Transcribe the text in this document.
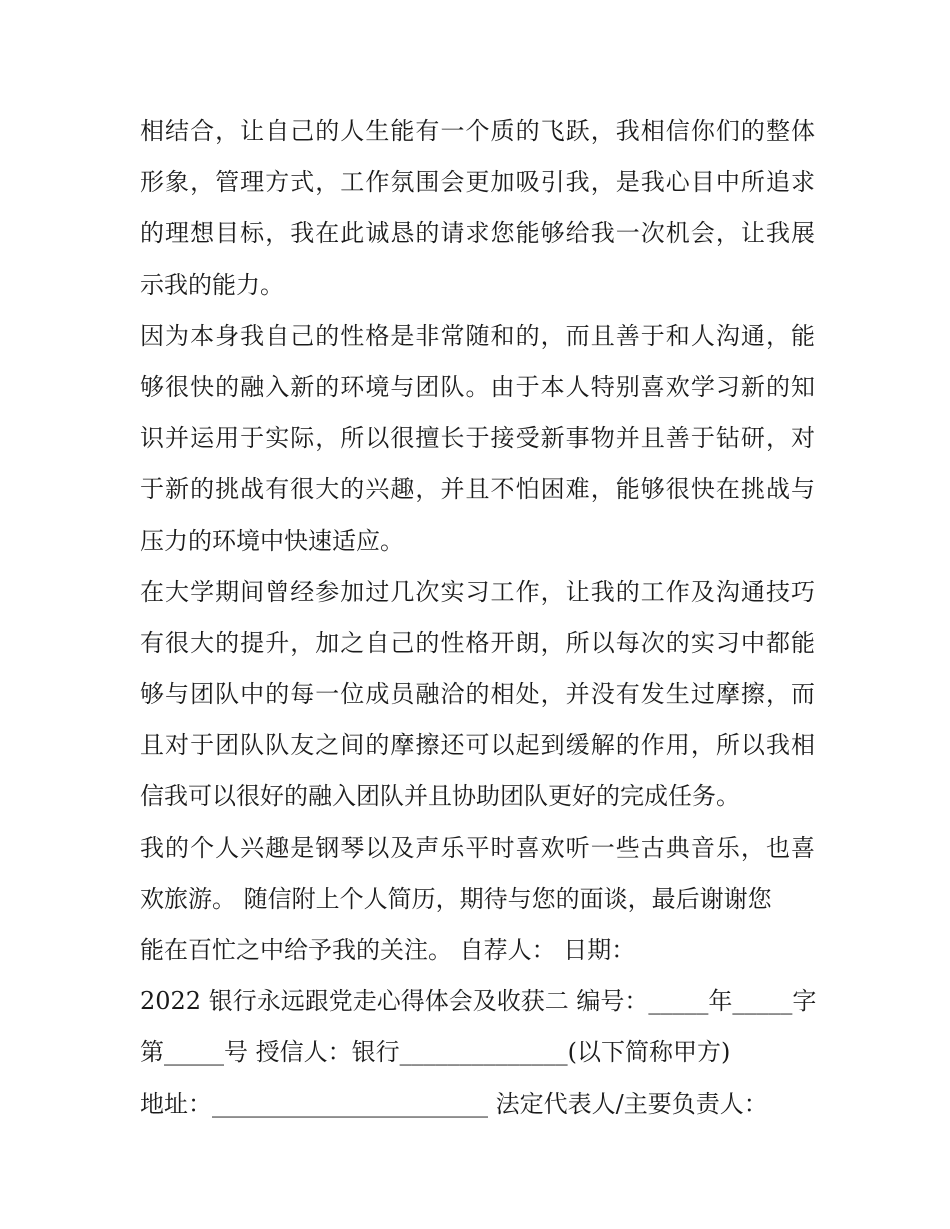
相结合，让自己的人生能有一个质的飞跃，我相信你们的整体
形象，管理方式，工作氛围会更加吸引我，是我心目中所追求
的理想目标，我在此诚恳的请求您能够给我一次机会，让我展
示我的能力。
因为本身我自己的性格是非常随和的，而且善于和人沟通，能
够很快的融入新的环境与团队。由于本人特别喜欢学习新的知
识并运用于实际，所以很擅长于接受新事物并且善于钻研，对
于新的挑战有很大的兴趣，并且不怕困难，能够很快在挑战与
压力的环境中快速适应。
在大学期间曾经参加过几次实习工作，让我的工作及沟通技巧
有很大的提升，加之自己的性格开朗，所以每次的实习中都能
够与团队中的每一位成员融洽的相处，并没有发生过摩擦，而
且对于团队队友之间的摩擦还可以起到缓解的作用，所以我相
信我可以很好的融入团队并且协助团队更好的完成任务。
我的个人兴趣是钢琴以及声乐平时喜欢听一些古典音乐，也喜
欢旅游。 随信附上个人简历，期待与您的面谈，最后谢谢您
能在百忙之中给予我的关注。 自荐人： 日期：
2022 银行永远跟党走心得体会及收获二 编号：_____年_____字
第_____号 授信人：银行______________(以下简称甲方)
地址：_______________________ 法定代表人/主要负责人：
